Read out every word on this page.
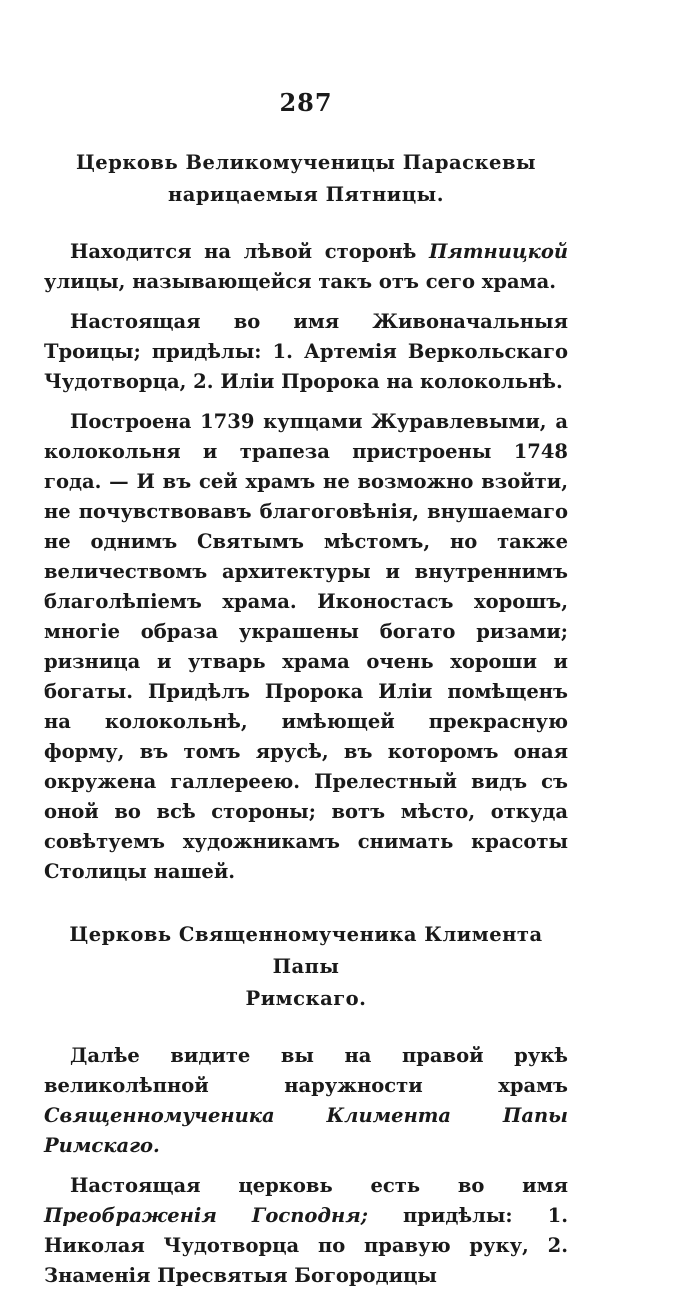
287
Церковь Великомученицы Параскевы нарицаемыя Пятницы.

Находится на лѣвой сторонѣ Пятницкой улицы, называющейся такъ отъ сего храма.

Настоящая во имя Живоначальныя Троицы; придѣлы: 1. Артемія Веркольскаго Чудотворца, 2. Иліи Пророка на колокольнѣ.

Построена 1739 купцами Журавлевыми, а колокольня и трапеза пристроены 1748 года. — И въ сей храмъ не возможно взойти, не почувствовавъ благоговѣнія, внушаемаго не однимъ Святымъ мѣстомъ, но также величествомъ архитектуры и внутреннимъ благолѣпіемъ храма. Иконостасъ хорошъ, многіе образа украшены богато ризами; ризница и утварь храма очень хороши и богаты. Придѣлъ Пророка Иліи помѣщенъ на колокольнѣ, имѣющей прекрасную форму, въ томъ ярусѣ, въ которомъ оная окружена галлереею. Прелестный видъ съ оной во всѣ стороны; вотъ мѣсто, откуда совѣтуемъ художникамъ снимать красоты Столицы нашей.

Церковь Священномученика Климента Папы
Римскаго.

Далѣе видите вы на правой рукѣ великолѣпной наружности храмъ Священномученика Климента Папы Римскаго.

Настоящая церковь есть во имя Преображенія Господня; придѣлы: 1. Николая Чудотворца по правую руку, 2. Знаменія Пресвятыя Богородицы
